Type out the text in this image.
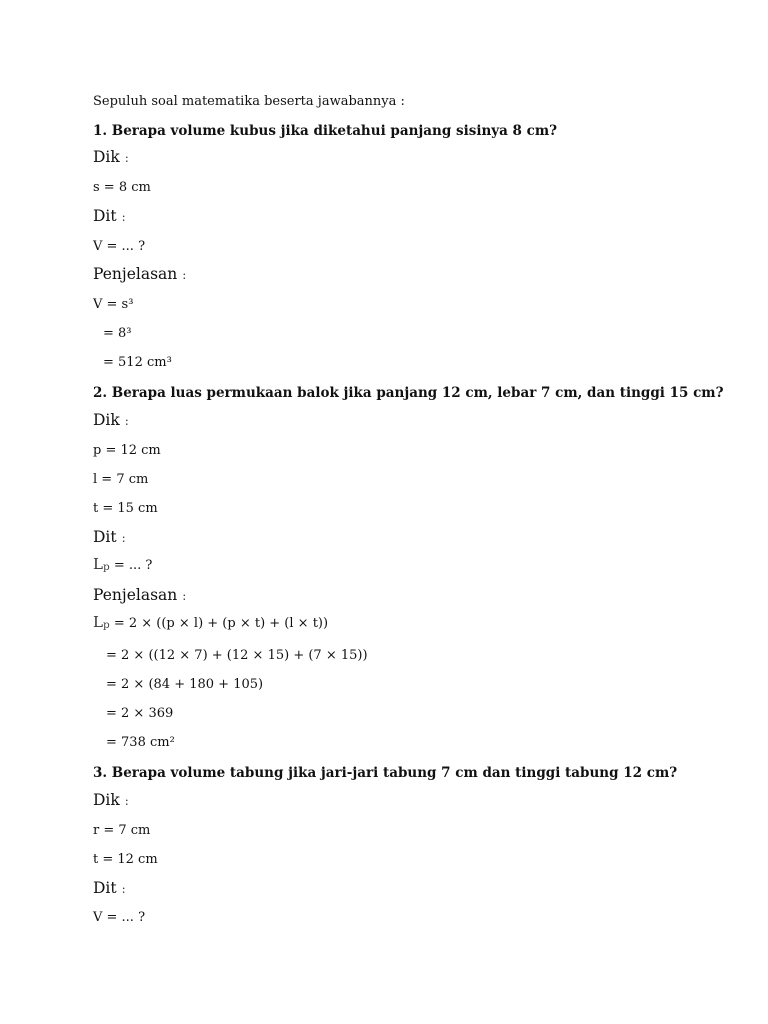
Sepuluh soal matematika beserta jawabannya :
1. Berapa volume kubus jika diketahui panjang sisinya 8 cm?
Dik :
s = 8 cm
Dit :
V = ... ?
Penjelasan :
V = s³
= 8³
= 512 cm³
2. Berapa luas permukaan balok jika panjang 12 cm, lebar 7 cm, dan tinggi 15 cm?
Dik :
p = 12 cm
l = 7 cm
t = 15 cm
Dit :
Lp = ... ?
Penjelasan :
Lp = 2 × ((p × l) + (p × t) + (l × t))
= 2 × ((12 × 7) + (12 × 15) + (7 × 15))
= 2 × (84 + 180 + 105)
= 2 × 369
= 738 cm²
3. Berapa volume tabung jika jari-jari tabung 7 cm dan tinggi tabung 12 cm?
Dik :
r = 7 cm
t = 12 cm
Dit :
V = ... ?
